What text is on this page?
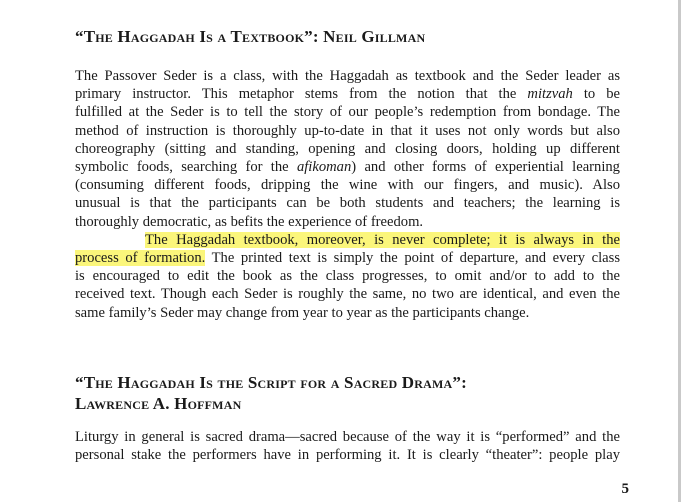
“The Haggadah Is a Textbook”: Neil Gillman
The Passover Seder is a class, with the Haggadah as textbook and the Seder leader as
primary instructor. This metaphor stems from the notion that the mitzvah to be
fulfilled at the Seder is to tell the story of our people’s redemption from bondage. The
method of instruction is thoroughly up-to-date in that it uses not only words but also
choreography (sitting and standing, opening and closing doors, holding up different
symbolic foods, searching for the afikoman) and other forms of experiential learning
(consuming different foods, dripping the wine with our fingers, and music). Also
unusual is that the participants can be both students and teachers; the learning is
thoroughly democratic, as befits the experience of freedom.
The Haggadah textbook, moreover, is never complete; it is always in the
process of formation. The printed text is simply the point of departure, and every class
is encouraged to edit the book as the class progresses, to omit and/or to add to the
received text. Though each Seder is roughly the same, no two are identical, and even the
same family’s Seder may change from year to year as the participants change.
“The Haggadah Is the Script for a Sacred Drama”:
Lawrence A. Hoffman
Liturgy in general is sacred drama—sacred because of the way it is “performed” and the
personal stake the performers have in performing it. It is clearly “theater”: people play

5
